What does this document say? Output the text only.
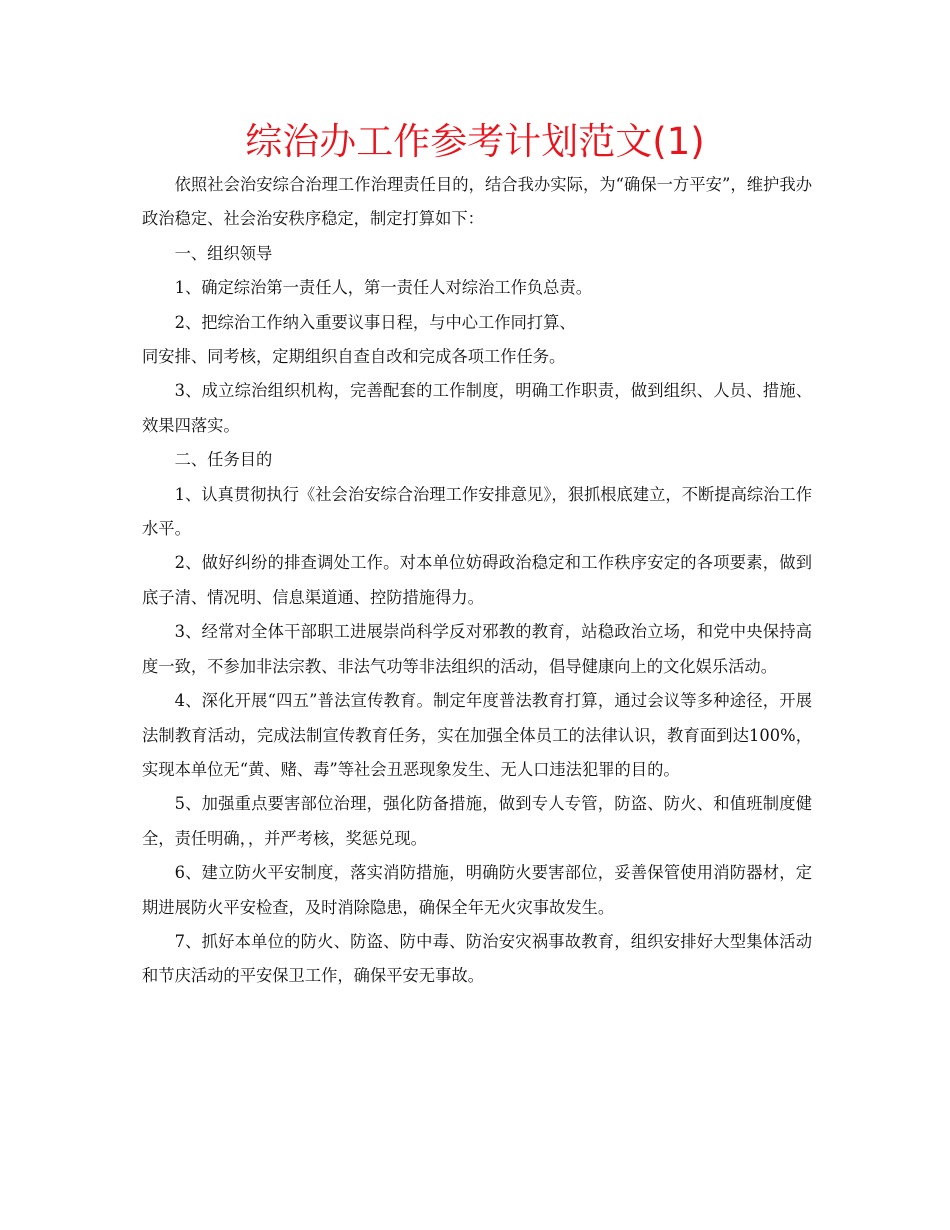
综治办工作参考计划范文(1)

依照社会治安综合治理工作治理责任目的，结合我办实际，为“确保一方平安”，维护我办政治稳定、社会治安秩序稳定，制定打算如下：

一、组织领导

1、确定综治第一责任人，第一责任人对综治工作负总责。

2、把综治工作纳入重要议事日程，与中心工作同打算、

同安排、同考核，定期组织自查自改和完成各项工作任务。

3、成立综治组织机构，完善配套的工作制度，明确工作职责，做到组织、人员、措施、效果四落实。

二、任务目的

1、认真贯彻执行《社会治安综合治理工作安排意见》，狠抓根底建立，不断提高综治工作水平。

2、做好纠纷的排查调处工作。对本单位妨碍政治稳定和工作秩序安定的各项要素，做到底子清、情况明、信息渠道通、控防措施得力。

3、经常对全体干部职工进展崇尚科学反对邪教的教育，站稳政治立场，和党中央保持高度一致，不参加非法宗教、非法气功等非法组织的活动，倡导健康向上的文化娱乐活动。

4、深化开展“四五”普法宣传教育。制定年度普法教育打算，通过会议等多种途径，开展法制教育活动，完成法制宣传教育任务，实在加强全体员工的法律认识，教育面到达100%，实现本单位无“黄、赌、毒”等社会丑恶现象发生、无人口违法犯罪的目的。

5、加强重点要害部位治理，强化防备措施，做到专人专管，防盗、防火、和值班制度健全，责任明确，，并严考核，奖惩兑现。

6、建立防火平安制度，落实消防措施，明确防火要害部位，妥善保管使用消防器材，定期进展防火平安检查，及时消除隐患，确保全年无火灾事故发生。

7、抓好本单位的防火、防盗、防中毒、防治安灾祸事故教育，组织安排好大型集体活动和节庆活动的平安保卫工作，确保平安无事故。
